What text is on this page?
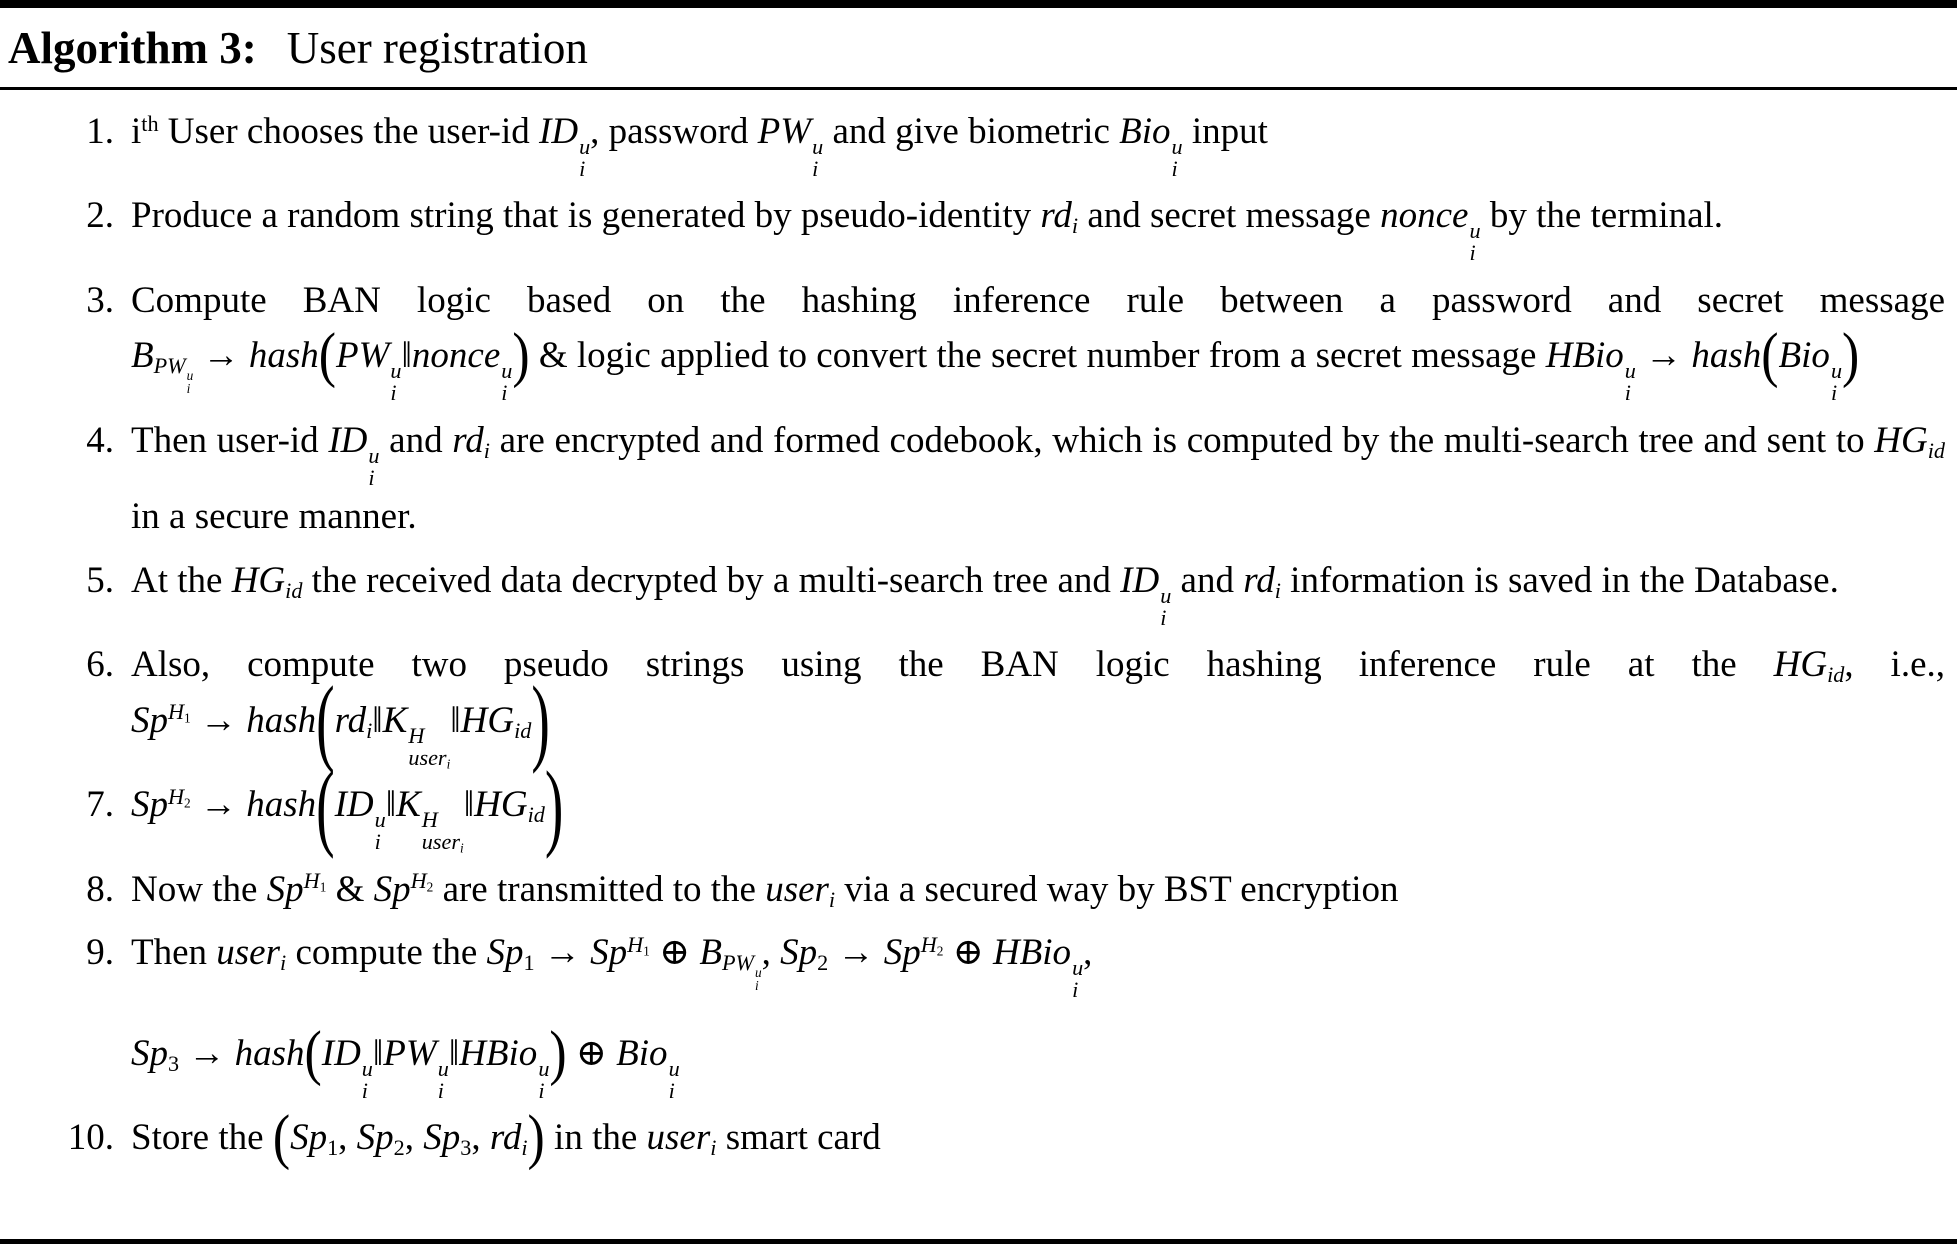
Algorithm 3: User registration
1. $i^{th}$ User chooses the user-id ID u
i
, password PW u
i
and give biometric Bio u
i
input
2. Produce a random string that is generated by pseudo-identity $rd_i$ and secret message nonce u
i
by the terminal.
3. Compute BAN logic based on the hashing inference rule between a password and secret message $B_{PW u i}$
→ hash(PW u
i
‖nonce u
i
) & logic applied to convert the secret number from a secret message HBio u
i
→ hash(Bio u
i
)
4. Then user-id ID u
i
and $rd_i$ are encrypted and formed codebook, which is computed by the multi-search tree and sent to $HG_{id}$ in a secure manner.
5. At the $HG_{id}$ the received data decrypted by a multi-search tree and ID u
i
and $rd_i$ information is saved in the Database.
6. Also, compute two pseudo strings using the BAN logic hashing inference rule at the $HG_{id}$, i.e., $Sp^{H_1}$ → $hash(rd_i‖K$ H
user$_i$
$‖HG_{id}$)
7. $Sp^{H_2}$ → hash(ID u
i
‖K H
user$_i$
$‖HG_{id}$)
8. Now the $Sp^{H_1}$ & $Sp^{H_2}$ are transmitted to the user$_i$ via a secured way by BST encryption
9. Then user$_i$ compute the $Sp_1 \to Sp^{H_1}$ ⊕ $B_{PW u i}$
, $Sp_2 \to Sp^{H_2}$ ⊕ HBio u
i
,
$Sp_3$ → hash(ID u
i
‖PW u
i
‖HBio u
i
) ⊕ Bio u
i
10. Store the ($Sp_1$, $Sp_2$, $Sp_3$, $rd_i$) in the user$_i$ smart card
